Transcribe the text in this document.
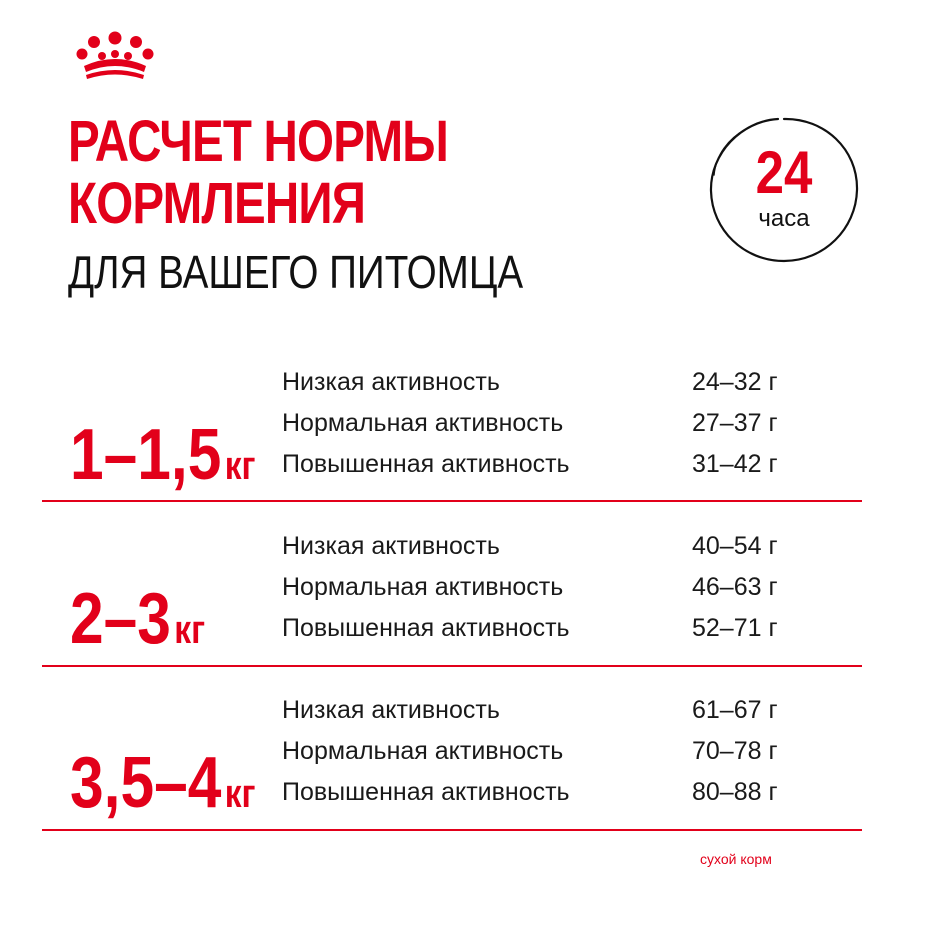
РАСЧЕТ НОРМЫ
КОРМЛЕНИЯ
ДЛЯ ВАШЕГО ПИТОМЦА
24
часа
1–1,5кг
Низкая активность	24–32 г
Нормальная активность	27–37 г
Повышенная активность	31–42 г
2–3кг
Низкая активность	40–54 г
Нормальная активность	46–63 г
Повышенная активность	52–71 г
3,5–4кг
Низкая активность	61–67 г
Нормальная активность	70–78 г
Повышенная активность	80–88 г
сухой корм
